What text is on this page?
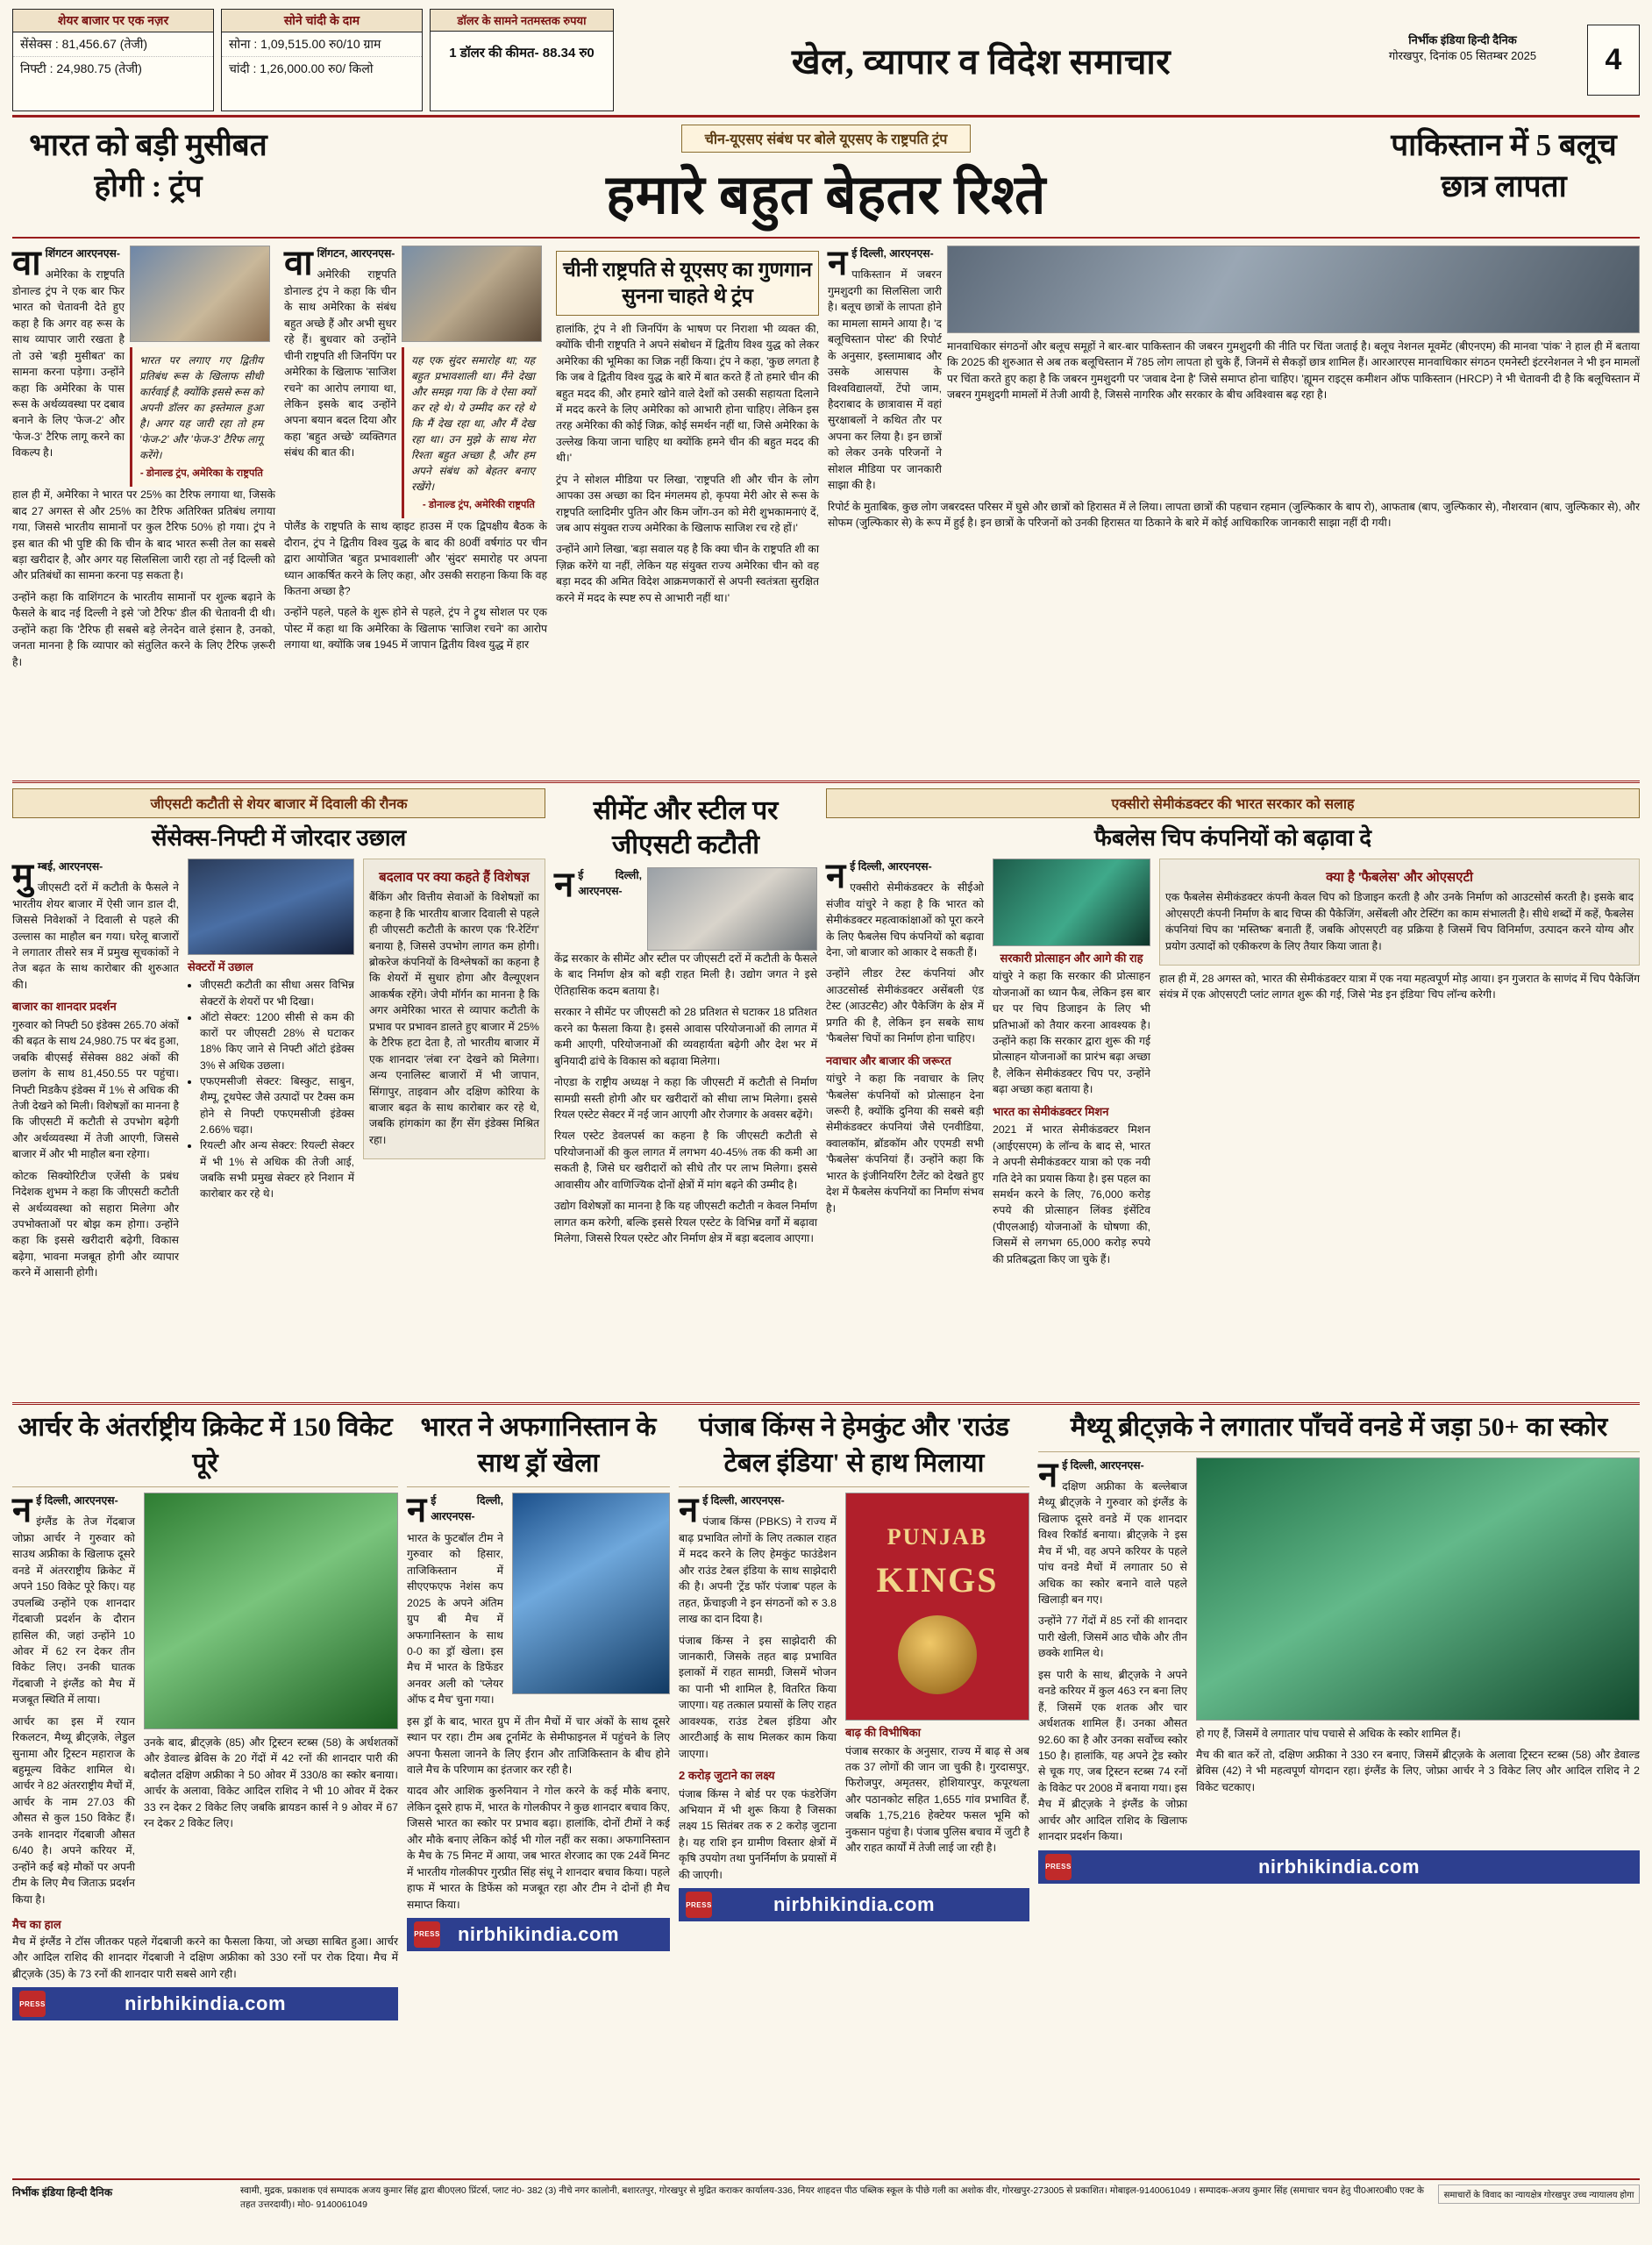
शेयर बाजार पर एक नज़र
सेंसेक्स : 81,456.67 (तेजी)
निफ्टी : 24,980.75 (तेजी)
सोने चांदी के दाम
सोना : 1,09,515.00 रु0/10 ग्राम
चांदी : 1,26,000.00 रु0/ किलो
डॉलर के सामने नतमस्तक रुपया
1 डॉलर की कीमत- 88.34 रु0	खेल, व्यापार व विदेश समाचार
निर्भीक इंडिया हिन्दी दैनिक
गोरखपुर, दिनांक 05 सितम्बर 2025	4
भारत को बड़ी मुसीबत होगी : ट्रंप
चीन-यूएसए संबंध पर बोले यूएसए के राष्ट्रपति ट्रंप
हमारे बहुत बेहतर रिश्ते
पाकिस्तान में 5 बलूच छात्र लापता

वाशिंगटन आरएनएस-

अमेरिका के राष्ट्रपति डोनाल्ड ट्रंप ने एक बार फिर भारत को चेतावनी देते हुए कहा है कि अगर वह रूस के साथ व्यापार जारी रखता है तो उसे 'बड़ी मुसीबत' का सामना करना पड़ेगा। उन्होंने कहा कि अमेरिका के पास रूस के अर्थव्यवस्था पर दबाव बनाने के लिए 'फेज-2' और 'फेज-3' टैरिफ लागू करने का विकल्प है।

भारत पर लगाए गए द्वितीय प्रतिबंध रूस के खिलाफ सीधी कार्रवाई है, क्योंकि इससे रूस को अपनी डॉलर का इस्तेमाल हुआ है। अगर यह जारी रहा तो हम 'फेज-2' और 'फेज-3' टैरिफ लागू करेंगे।
- डोनाल्ड ट्रंप, अमेरिका के राष्ट्रपति

हाल ही में, अमेरिका ने भारत पर 25% का टैरिफ लगाया था, जिसके बाद 27 अगस्त से और 25% का टैरिफ अतिरिक्त प्रतिबंध लगाया गया, जिससे भारतीय सामानों पर कुल टैरिफ 50% हो गया। ट्रंप ने इस बात की भी पुष्टि की कि चीन के बाद भारत रूसी तेल का सबसे बड़ा खरीदार है, और अगर यह सिलसिला जारी रहा तो नई दिल्ली को और प्रतिबंधों का सामना करना पड़ सकता है।

उन्होंने कहा कि वाशिंगटन के भारतीय सामानों पर शुल्क बढ़ाने के फैसले के बाद नई दिल्ली ने इसे 'जो टैरिफ' डील की चेतावनी दी थी। उन्होंने कहा कि 'टैरिफ ही सबसे बड़े लेनदेन वाले इंसान है, उनको, जनता मानना है कि व्यापार को संतुलित करने के लिए टैरिफ ज़रूरी है।

वाशिंगटन, आरएनएस-

अमेरिकी राष्ट्रपति डोनाल्ड ट्रंप ने कहा कि चीन के साथ अमेरिका के संबंध बहुत अच्छे हैं और अभी सुधर रहे हैं। बुधवार को उन्होंने चीनी राष्ट्रपति शी जिनपिंग पर अमेरिका के खिलाफ 'साजिश रचने' का आरोप लगाया था, लेकिन इसके बाद उन्होंने अपना बयान बदल दिया और कहा 'बहुत अच्छे' व्यक्तिगत संबंध की बात की।

यह एक सुंदर समारोह था; यह बहुत प्रभावशाली था। मैंने देखा और समझ गया कि वे ऐसा क्यों कर रहे थे। ये उम्मीद कर रहे थे कि मैं देख रहा था, और मैं देख रहा था। उन मुझे के साथ मेरा रिश्ता बहुत अच्छा है, और हम अपने संबंध को बेहतर बनाए रखेंगे।
- डोनाल्ड ट्रंप, अमेरिकी राष्ट्रपति

पोलैंड के राष्ट्रपति के साथ व्हाइट हाउस में एक द्विपक्षीय बैठक के दौरान, ट्रंप ने द्वितीय विश्व युद्ध के बाद की 80वीं वर्षगांठ पर चीन द्वारा आयोजित 'बहुत प्रभावशाली' और 'सुंदर' समारोह पर अपना ध्यान आकर्षित करने के लिए कहा, और उसकी सराहना किया कि वह कितना अच्छा है?

उन्होंने पहले, पहले के शुरू होने से पहले, ट्रंप ने ट्रुथ सोशल पर एक पोस्ट में कहा था कि अमेरिका के खिलाफ 'साजिश रचने' का आरोप लगाया था, क्योंकि जब 1945 में जापान द्वितीय विश्व युद्ध में हार

चीनी राष्ट्रपति से यूएसए का गुणगान सुनना चाहते थे ट्रंप

हालांकि, ट्रंप ने शी जिनपिंग के भाषण पर निराशा भी व्यक्त की, क्योंकि चीनी राष्ट्रपति ने अपने संबोधन में द्वितीय विश्व युद्ध को लेकर अमेरिका की भूमिका का जिक्र नहीं किया। ट्रंप ने कहा, 'कुछ लगता है कि जब वे द्वितीय विश्व युद्ध के बारे में बात करते हैं तो हमारे चीन की बहुत मदद की, और हमारे खोने वाले देशों को उसकी सहायता दिलाने में मदद करने के लिए अमेरिका को आभारी होना चाहिए। लेकिन इस तरह अमेरिका की कोई जिक्र, कोई समर्थन नहीं था, जिसे अमेरिका के उल्लेख किया जाना चाहिए था क्योंकि हमने चीन की बहुत मदद की थी।'

ट्रंप ने सोशल मीडिया पर लिखा, 'राष्ट्रपति शी और चीन के लोग आपका उस अच्छा का दिन मंगलमय हो, कृपया मेरी ओर से रूस के राष्ट्रपति व्लादिमीर पुतिन और किम जोंग-उन को मेरी शुभकामनाएं दें, जब आप संयुक्त राज्य अमेरिका के खिलाफ साजिश रच रहे हों।'

उन्होंने आगे लिखा, 'बड़ा सवाल यह है कि क्या चीन के राष्ट्रपति शी का ज़िक्र करेंगे या नहीं, लेकिन यह संयुक्त राज्य अमेरिका चीन को वह बड़ा मदद की अमित विदेश आक्रमणकारों से अपनी स्वतंत्रता सुरक्षित करने में मदद के स्पष्ट रुप से आभारी नहीं था।'

नई दिल्ली, आरएनएस-

पाकिस्तान में जबरन गुमशुदगी का सिलसिला जारी है। बलूच छात्रों के लापता होने का मामला सामने आया है। 'द बलूचिस्तान पोस्ट' की रिपोर्ट के अनुसार, इस्लामाबाद और उसके आसपास के विश्वविद्यालयों, टेंपो जाम, हैदराबाद के छात्रावास में वहां सुरक्षाबलों ने कथित तौर पर अपना कर लिया है। इन छात्रों को लेकर उनके परिजनों ने सोशल मीडिया पर जानकारी साझा की है।

मानवाधिकार संगठनों और बलूच समूहों ने बार-बार पाकिस्तान की जबरन गुमशुदगी की नीति पर चिंता जताई है। बलूच नेशनल मूवमेंट (बीएनएम) की मानवा 'पांक' ने हाल ही में बताया कि 2025 की शुरुआत से अब तक बलूचिस्तान में 785 लोग लापता हो चुके हैं, जिनमें से सैकड़ों छात्र शामिल हैं। आरआरएस मानवाधिकार संगठन एमनेस्टी इंटरनेशनल ने भी इन मामलों पर चिंता करते हुए कहा है कि जबरन गुमशुदगी पर 'जवाब देना है' जिसे समाप्त होना चाहिए। 'ह्यूमन राइट्स कमीशन ऑफ पाकिस्तान (HRCP) ने भी चेतावनी दी है कि बलूचिस्तान में जबरन गुमशुदगी मामलों में तेजी आयी है, जिससे नागरिक और सरकार के बीच अविश्वास बढ़ रहा है।

रिपोर्ट के मुताबिक, कुछ लोग जबरदस्त परिसर में घुसे और छात्रों को हिरासत में ले लिया। लापता छात्रों की पहचान रहमान (जुल्फिकार के बाप रो), आफताब (बाप, जुल्फिकार से), नौशरवान (बाप, जुल्फिकार से), और सोफम (जुल्फिकार से) के रूप में हुई है। इन छात्रों के परिजनों को उनकी हिरासत या ठिकाने के बारे में कोई आधिकारिक जानकारी साझा नहीं दी गयी।

जीएसटी कटौती से शेयर बाजार में दिवाली की रौनक
सेंसेक्स-निफ्टी में जोरदार उछाल

मुम्बई, आरएनएस-

जीएसटी दरों में कटौती के फैसले ने भारतीय शेयर बाजार में ऐसी जान डाल दी, जिससे निवेशकों ने दिवाली से पहले की उल्लास का माहौल बन गया। घरेलू बाजारों ने लगातार तीसरे सत्र में प्रमुख सूचकांकों ने तेज बढ़त के साथ कारोबार की शुरुआत की।

बाजार का शानदार प्रदर्शन

गुरुवार को निफ्टी 50 इंडेक्स 265.70 अंकों की बढ़त के साथ 24,980.75 पर बंद हुआ, जबकि बीएसई सेंसेक्स 882 अंकों की छलांग के साथ 81,450.55 पर पहुंचा। निफ्टी मिडकैप इंडेक्स में 1% से अधिक की तेजी देखने को मिली। विशेषज्ञों का मानना है कि जीएसटी में कटौती से उपभोग बढ़ेगी और अर्थव्यवस्था में तेजी आएगी, जिससे बाजार में और भी माहौल बना रहेगा।

कोटक सिक्योरिटीज एजेंसी के प्रबंध निदेशक शुभम ने कहा कि जीएसटी कटौती से अर्थव्यवस्था को सहारा मिलेगा और उपभोक्ताओं पर बोझ कम होगा। उन्होंने कहा कि इससे खरीदारी बढ़ेगी, विकास बढ़ेगा, भावना मजबूत होगी और व्यापार करने में आसानी होगी।

सेक्टरों में उछाल
• जीएसटी कटौती का सीधा असर विभिन्न सेक्टरों के शेयरों पर भी दिखा।
• ऑटो सेक्टर: 1200 सीसी से कम की कारों पर जीएसटी 28% से घटाकर 18% किए जाने से निफ्टी ऑटो इंडेक्स 3% से अधिक उछला।
• एफएमसीजी सेक्टर: बिस्कुट, साबुन, शैम्पू, टूथपेस्ट जैसे उत्पादों पर टैक्स कम होने से निफ्टी एफएमसीजी इंडेक्स 2.66% चढ़ा।
• रियल्टी और अन्य सेक्टर: रियल्टी सेक्टर में भी 1% से अधिक की तेजी आई, जबकि सभी प्रमुख सेक्टर हरे निशान में कारोबार कर रहे थे।
बदलाव पर क्या कहते हैं विशेषज्ञ

बैंकिंग और वित्तीय सेवाओं के विशेषज्ञों का कहना है कि भारतीय बाजार दिवाली से पहले ही जीएसटी कटौती के कारण एक 'रि-रेटिंग' बनाया है, जिससे उपभोग लागत कम होगी। ब्रोकरेज कंपनियों के विश्लेषकों का कहना है कि शेयरों में सुधार होगा और वैल्यूएशन आकर्षक रहेंगे। जेपी मॉर्गन का मानना है कि अगर अमेरिका भारत से व्यापार कटौती के प्रभाव पर प्रभावन डालते हुए बाजार में 25% के टैरिफ हटा देता है, तो भारतीय बाजार में एक शानदार 'लंबा रन' देखने को मिलेगा। अन्य एनालिस्ट बाजारों में भी जापान, सिंगापुर, ताइवान और दक्षिण कोरिया के बाजार बढ़त के साथ कारोबार कर रहे थे, जबकि हांगकांग का हैंग सेंग इंडेक्स मिश्रित रहा।

सीमेंट और स्टील पर जीएसटी कटौती

नई दिल्ली, आरएनएस-

केंद्र सरकार के सीमेंट और स्टील पर जीएसटी दरों में कटौती के फैसले के बाद निर्माण क्षेत्र को बड़ी राहत मिली है। उद्योग जगत ने इसे ऐतिहासिक कदम बताया है।

सरकार ने सीमेंट पर जीएसटी को 28 प्रतिशत से घटाकर 18 प्रतिशत करने का फैसला किया है। इससे आवास परियोजनाओं की लागत में कमी आएगी, परियोजनाओं की व्यवहार्यता बढ़ेगी और देश भर में बुनियादी ढांचे के विकास को बढ़ावा मिलेगा।

नोएडा के राष्ट्रीय अध्यक्ष ने कहा कि जीएसटी में कटौती से निर्माण सामग्री सस्ती होगी और घर खरीदारों को सीधा लाभ मिलेगा। इससे रियल एस्टेट सेक्टर में नई जान आएगी और रोजगार के अवसर बढ़ेंगे।

रियल एस्टेट डेवलपर्स का कहना है कि जीएसटी कटौती से परियोजनाओं की कुल लागत में लगभग 40-45% तक की कमी आ सकती है, जिसे घर खरीदारों को सीधे तौर पर लाभ मिलेगा। इससे आवासीय और वाणिज्यिक दोनों क्षेत्रों में मांग बढ़ने की उम्मीद है।

उद्योग विशेषज्ञों का मानना है कि यह जीएसटी कटौती न केवल निर्माण लागत कम करेगी, बल्कि इससे रियल एस्टेट के विभिन्न वर्गों में बढ़ावा मिलेगा, जिससे रियल एस्टेट और निर्माण क्षेत्र में बड़ा बदलाव आएगा।

एक्सीरो सेमीकंडक्टर की भारत सरकार को सलाह
फैबलेस चिप कंपनियों को बढ़ावा दे

नई दिल्ली, आरएनएस-

एक्सीरो सेमीकंडक्टर के सीईओ संजीव यांचुरे ने कहा है कि भारत को सेमीकंडक्टर महत्वाकांक्षाओं को पूरा करने के लिए फैबलेस चिप कंपनियों को बढ़ावा देना, जो बाजार को आकार दे सकती हैं।

उन्होंने लीडर टेस्ट कंपनियां और आउटसोर्स्ड सेमीकंडक्टर असेंबली एंड टेस्ट (आउटसैट) और पैकेजिंग के क्षेत्र में प्रगति की है, लेकिन इन सबके साथ 'फैबलेस' चिपों का निर्माण होना चाहिए।

नवाचार और बाजार की जरूरत

यांचुरे ने कहा कि नवाचार के लिए 'फैबलेस' कंपनियों को प्रोत्साहन देना जरूरी है, क्योंकि दुनिया की सबसे बड़ी सेमीकंडक्टर कंपनियां जैसे एनवीडिया, क्वालकॉम, ब्रॉडकॉम और एएमडी सभी 'फैबलेस' कंपनियां हैं। उन्होंने कहा कि भारत के इंजीनियरिंग टैलेंट को देखते हुए देश में फैबलेस कंपनियों का निर्माण संभव है।

सरकारी प्रोत्साहन और आगे की राह

यांचुरे ने कहा कि सरकार की प्रोत्साहन योजनाओं का ध्यान फैब, लेकिन इस बार घर पर चिप डिजाइन के लिए भी प्रतिभाओं को तैयार करना आवश्यक है। उन्होंने कहा कि सरकार द्वारा शुरू की गई प्रोत्साहन योजनाओं का प्रारंभ बढ़ा अच्छा है, लेकिन सेमीकंडक्टर चिप पर, उन्होंने बढ़ा अच्छा कहा बताया है।

भारत का सेमीकंडक्टर मिशन

2021 में भारत सेमीकंडक्टर मिशन (आईएसएम) के लॉन्च के बाद से, भारत ने अपनी सेमीकंडक्टर यात्रा को एक नयी गति देने का प्रयास किया है। इस पहल का समर्थन करने के लिए, 76,000 करोड़ रुपये की प्रोत्साहन लिंक्ड इंसेंटिव (पीएलआई) योजनाओं के घोषणा की, जिसमें से लगभग 65,000 करोड़ रुपये की प्रतिबद्धता किए जा चुके हैं।

क्या है 'फैबलेस' और ओएसएटी

एक फैबलेस सेमीकंडक्टर कंपनी केवल चिप को डिजाइन करती है और उनके निर्माण को आउटसोर्स करती है। इसके बाद ओएसएटी कंपनी निर्माण के बाद चिप्स की पैकेजिंग, असेंबली और टेस्टिंग का काम संभालती है। सीधे शब्दों में कहें, फैबलेस कंपनियां चिप का 'मस्तिष्क' बनाती हैं, जबकि ओएसएटी वह प्रक्रिया है जिसमें चिप विनिर्माण, उत्पादन करने योग्य और प्रयोग उत्पादों को एकीकरण के लिए तैयार किया जाता है।

हाल ही में, 28 अगस्त को, भारत की सेमीकंडक्टर यात्रा में एक नया महत्वपूर्ण मोड़ आया। इन गुजरात के साणंद में चिप पैकेजिंग संयंत्र में एक ओएसएटी प्लांट लागत शुरू की गई, जिसे 'मेड इन इंडिया' चिप लॉन्च करेगी।

आर्चर के अंतर्राष्ट्रीय क्रिकेट में 150 विकेट पूरे

नई दिल्ली, आरएनएस-

इंग्लैंड के तेज गेंदबाज जोफ्रा आर्चर ने गुरुवार को साउथ अफ्रीका के खिलाफ दूसरे वनडे में अंतरराष्ट्रीय क्रिकेट में अपने 150 विकेट पूरे किए। यह उपलब्धि उन्होंने एक शानदार गेंदबाजी प्रदर्शन के दौरान हासिल की, जहां उन्होंने 10 ओवर में 62 रन देकर तीन विकेट लिए। उनकी घातक गेंदबाजी ने इंग्लैंड को मैच में मजबूत स्थिति में लाया।

आर्चर का इस में रयान रिकलटन, मैथ्यू ब्रीट्ज़के, लेडुल सुनामा और ट्रिस्टन महाराज के बहुमूल्य विकेट शामिल थे। आर्चर ने 82 अंतरराष्ट्रीय मैचों में, आर्चर के नाम 27.03 की औसत से कुल 150 विकेट हैं। उनके शानदार गेंदबाजी औसत 6/40 है। अपने करियर में, उन्होंने कई बड़े मौकों पर अपनी टीम के लिए मैच जिताऊ प्रदर्शन किया है।

उनके बाद, ब्रीट्ज़के (85) और ट्रिस्टन स्टब्स (58) के अर्धशतकों और डेवाल्ड ब्रेविस के 20 गेंदों में 42 रनों की शानदार पारी की बदौलत दक्षिण अफ्रीका ने 50 ओवर में 330/8 का स्कोर बनाया। आर्चर के अलावा, विकेट आदिल राशिद ने भी 10 ओवर में देकर 33 रन देकर 2 विकेट लिए जबकि ब्रायडन कार्स ने 9 ओवर में 67 रन देकर 2 विकेट लिए।

मैच का हाल

मैच में इंग्लैंड ने टॉस जीतकर पहले गेंदबाजी करने का फैसला किया, जो अच्छा साबित हुआ। आर्चर और आदिल राशिद की शानदार गेंदबाजी ने दक्षिण अफ्रीका को 330 रनों पर रोक दिया। मैच में ब्रीट्ज़के (35) के 73 रनों की शानदार पारी सबसे आगे रही।

PRESS	nirbhikindia.com
भारत ने अफगानिस्तान के साथ ड्रॉ खेला

नई दिल्ली, आरएनएस-

भारत के फुटबॉल टीम ने गुरुवार को हिसार, ताजिकिस्तान में सीएएफएफ नेशंस कप 2025 के अपने अंतिम ग्रुप बी मैच में अफगानिस्तान के साथ 0-0 का ड्रॉ खेला। इस मैच में भारत के डिफेंडर अनवर अली को 'प्लेयर ऑफ द मैच' चुना गया।

इस ड्रॉ के बाद, भारत ग्रुप में तीन मैचों में चार अंकों के साथ दूसरे स्थान पर रहा। टीम अब टूर्नामेंट के सेमीफाइनल में पहुंचने के लिए अपना फैसला जानने के लिए ईरान और ताजिकिस्तान के बीच होने वाले मैच के परिणाम का इंतजार कर रही है।

यादव और आशिक कुरुनियान ने गोल करने के कई मौके बनाए, लेकिन दूसरे हाफ में, भारत के गोलकीपर ने कुछ शानदार बचाव किए, जिससे भारत का स्कोर पर प्रभाव बढ़ा। हालांकि, दोनों टीमों ने कई और मौके बनाए लेकिन कोई भी गोल नहीं कर सका। अफगानिस्तान के मैच के 75 मिनट में आया, जब भारत शेरजाद का एक 24वें मिनट में भारतीय गोलकीपर गुरप्रीत सिंह संधू ने शानदार बचाव किया। पहले हाफ में भारत के डिफेंस को मजबूत रहा और टीम ने दोनों ही मैच समाप्त किया।

PRESS nirbhikindia.com
पंजाब किंग्स ने हेमकुंट और 'राउंड टेबल इंडिया' से हाथ मिलाया

नई दिल्ली, आरएनएस-

पंजाब किंग्स (PBKS) ने राज्य में बाढ़ प्रभावित लोगों के लिए तत्काल राहत में मदद करने के लिए हेमकुंट फाउंडेशन और राउंड टेबल इंडिया के साथ साझेदारी की है। अपनी 'ट्रेंड फॉर पंजाब' पहल के तहत, फ्रेंचाइजी ने इन संगठनों को रु 3.8 लाख का दान दिया है।

पंजाब किंग्स ने इस साझेदारी की जानकारी, जिसके तहत बाढ़ प्रभावित इलाकों में राहत सामग्री, जिसमें भोजन का पानी भी शामिल है, वितरित किया जाएगा। यह तत्काल प्रयासों के लिए राहत आवश्यक, राउंड टेबल इंडिया और आरटीआई के साथ मिलकर काम किया जाएगा।

2 करोड़ जुटाने का लक्ष्य

पंजाब किंग्स ने बोर्ड पर एक फंडरेजिंग अभियान में भी शुरू किया है जिसका लक्ष्य 15 सितंबर तक रु 2 करोड़ जुटाना है। यह राशि इन ग्रामीण विस्तार क्षेत्रों में कृषि उपयोग तथा पुनर्निर्माण के प्रयासों में की जाएगी।

PUNJAB
KINGS
बाढ़ की विभीषिका

पंजाब सरकार के अनुसार, राज्य में बाढ़ से अब तक 37 लोगों की जान जा चुकी है। गुरदासपुर, फिरोजपुर, अमृतसर, होशियारपुर, कपूरथला और पठानकोट सहित 1,655 गांव प्रभावित हैं, जबकि 1,75,216 हेक्टेयर फसल भूमि को नुकसान पहुंचा है। पंजाब पुलिस बचाव में जुटी है और राहत कार्यों में तेजी लाई जा रही है।

PRESS	nirbhikindia.com
मैथ्यू ब्रीट्ज़के ने लगातार पाँचवें वनडे में जड़ा 50+ का स्कोर

नई दिल्ली, आरएनएस-

दक्षिण अफ्रीका के बल्लेबाज मैथ्यू ब्रीट्ज़के ने गुरुवार को इंग्लैंड के खिलाफ दूसरे वनडे में एक शानदार विश्व रिकॉर्ड बनाया। ब्रीट्ज़के ने इस मैच में भी, वह अपने करियर के पहले पांच वनडे मैचों में लगातार 50 से अधिक का स्कोर बनाने वाले पहले खिलाड़ी बन गए।

उन्होंने 77 गेंदों में 85 रनों की शानदार पारी खेली, जिसमें आठ चौके और तीन छक्के शामिल थे।

इस पारी के साथ, ब्रीट्ज़के ने अपने वनडे करियर में कुल 463 रन बना लिए हैं, जिसमें एक शतक और चार अर्धशतक शामिल हैं। उनका औसत 92.60 का है और उनका सर्वोच्च स्कोर 150 है। हालांकि, यह अपने ट्रेड स्कोर से चूक गए, जब ट्रिस्टन स्टब्स 74 रनों के विकेट पर 2008 में बनाया गया। इस मैच में ब्रीट्ज़के ने इंग्लैंड के जोफ्रा आर्चर और आदिल राशिद के खिलाफ शानदार प्रदर्शन किया।

हो गए हैं, जिसमें वे लगातार पांच पचासे से अधिक के स्कोर शामिल हैं।

मैच की बात करें तो, दक्षिण अफ्रीका ने 330 रन बनाए, जिसमें ब्रीट्ज़के के अलावा ट्रिस्टन स्टब्स (58) और डेवाल्ड ब्रेविस (42) ने भी महत्वपूर्ण योगदान रहा। इंग्लैंड के लिए, जोफ्रा आर्चर ने 3 विकेट लिए और आदिल राशिद ने 2 विकेट चटकाए।

PRESS	nirbhikindia.com
निर्भीक इंडिया हिन्दी दैनिक	स्वामी, मुद्रक, प्रकाशक एवं सम्पादक अजय कुमार सिंह द्वारा बी0एल0 प्रिंटर्स, प्लाट नं0- 382 (3) नीचे नगर कालोनी, बशारतपुर, गोरखपुर से मुद्रित कराकर कार्यालय-336, नियर शाहदत्त पीठ पब्लिक स्कूल के पीछे गली का अशोक वीर, गोरखपुर-273005 से प्रकाशित। मोबाइल-9140061049 । सम्पादक-अजय कुमार सिंह (समाचार चयन हेतु पी0आर0बी0 एक्ट के तहत उत्तरदायी)। मो0- 9140061049
समाचारों के विवाद का न्यायक्षेत्र गोरखपुर उच्च न्यायालय होगा
